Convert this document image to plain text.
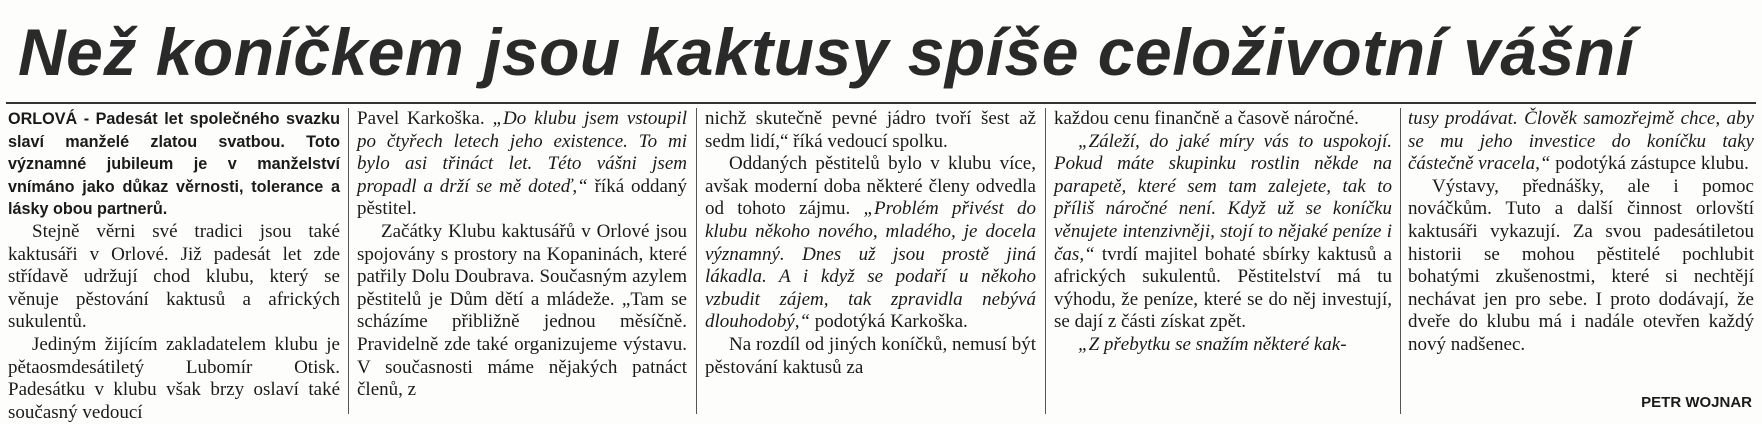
Než koníčkem jsou kaktusy spíše celoživotní vášní

ORLOVÁ - Padesát let společného svazku slaví manželé zlatou svatbou. Toto významné jubileum je v manželství vnímáno jako důkaz věrnosti, tolerance a lásky obou partnerů.

Stejně věrni své tradici jsou také kaktusáři v Orlové. Již padesát let zde střídavě udržují chod klubu, který se věnuje pěstování kaktusů a afrických sukulentů.

Jediným žijícím zakladatelem klubu je pětaosmdesátiletý Lubomír Otisk. Padesátku v klubu však brzy oslaví také současný vedoucí

Pavel Karkoška. „Do klubu jsem vstoupil po čtyřech letech jeho existence. To mi bylo asi třináct let. Této vášni jsem propadl a drží se mě doteď,“ říká oddaný pěstitel.

Začátky Klubu kaktusářů v Orlové jsou spojovány s prostory na Kopaninách, které patřily Dolu Doubrava. Současným azylem pěstitelů je Dům dětí a mládeže. „Tam se scházíme přibližně jednou měsíčně. Pravidelně zde také organizujeme výstavu. V současnosti máme nějakých patnáct členů, z

nichž skutečně pevné jádro tvoří šest až sedm lidí,“ říká vedoucí spolku.

Oddaných pěstitelů bylo v klubu více, avšak moderní doba některé členy odvedla od tohoto zájmu. „Problém přivést do klubu někoho nového, mladého, je docela významný. Dnes už jsou prostě jiná lákadla. A i když se podaří u někoho vzbudit zájem, tak zpravidla nebývá dlouhodobý,“ podotýká Karkoška.

Na rozdíl od jiných koníčků, nemusí být pěstování kaktusů za

každou cenu finančně a časově náročné.

„Záleží, do jaké míry vás to uspokojí. Pokud máte skupinku rostlin někde na parapetě, které sem tam zalejete, tak to příliš náročné není. Když už se koníčku věnujete intenzivněji, stojí to nějaké peníze i čas,“ tvrdí majitel bohaté sbírky kaktusů a afrických sukulentů. Pěstitelství má tu výhodu, že peníze, které se do něj investují, se dají z části získat zpět.

„Z přebytku se snažím některé kak-

tusy prodávat. Člověk samozřejmě chce, aby se mu jeho investice do koníčku taky částečně vracela,“ podotýká zástupce klubu.

Výstavy, přednášky, ale i pomoc nováčkům. Tuto a další činnost orlovští kaktusáři vykazují. Za svou padesátiletou historii se mohou pěstitelé pochlubit bohatými zkušenostmi, které si nechtějí nechávat jen pro sebe. I proto dodávají, že dveře do klubu má i nadále otevřen každý nový nadšenec.

PETR WOJNAR
